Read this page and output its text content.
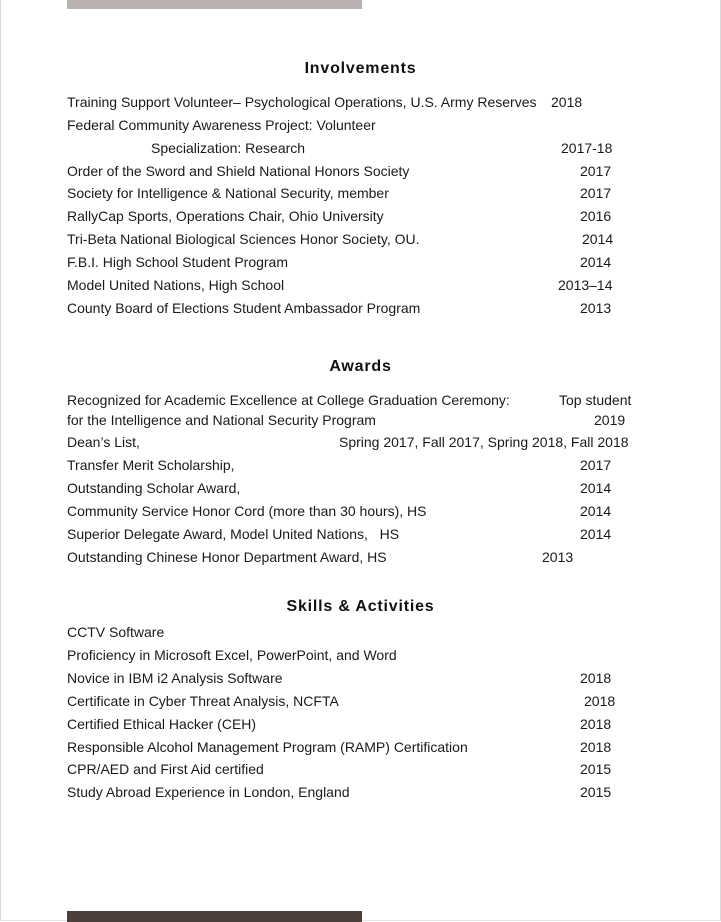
Involvements
Training Support Volunteer– Psychological Operations, U.S. Army Reserves 2018
Federal Community Awareness Project: Volunteer
Specialization: Research	2017-18
Order of the Sword and Shield National Honors Society	2017
Society for Intelligence & National Security, member	2017
RallyCap Sports, Operations Chair, Ohio University	2016
Tri-Beta National Biological Sciences Honor Society, OU.	2014
F.B.I. High School Student Program	2014
Model United Nations, High School	2013–14
County Board of Elections Student Ambassador Program	2013
Awards
Recognized for Academic Excellence at College Graduation Ceremony:	Top student
for the Intelligence and National Security Program	2019
Dean’s List,	Spring 2017, Fall 2017, Spring 2018, Fall 2018
Transfer Merit Scholarship,	2017
Outstanding Scholar Award,	2014
Community Service Honor Cord (more than 30 hours), HS	2014
Superior Delegate Award, Model United Nations,   HS	2014
Outstanding Chinese Honor Department Award, HS	2013
Skills & Activities
CCTV Software
Proficiency in Microsoft Excel, PowerPoint, and Word
Novice in IBM i2 Analysis Software	2018
Certificate in Cyber Threat Analysis, NCFTA	2018
Certified Ethical Hacker (CEH)	2018
Responsible Alcohol Management Program (RAMP) Certification	2018
CPR/AED and First Aid certified	2015
Study Abroad Experience in London, England	2015
